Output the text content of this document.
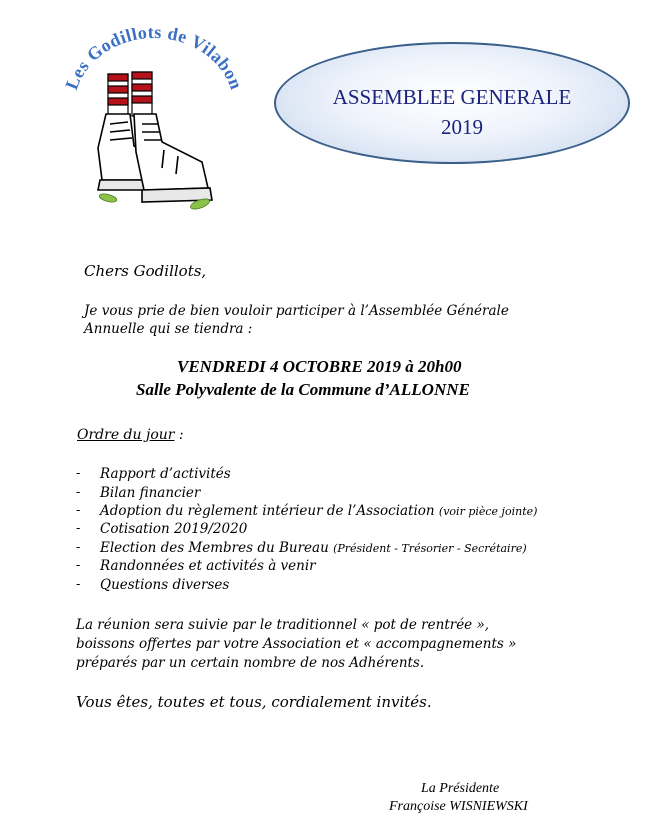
Les Godillots de Vilabo
ASSEMBLEE GENERALE
2019
Chers Godillots,
Je vous prie de bien vouloir participer à l’Assemblée Générale
Annuelle qui se tiendra :
VENDREDI 4 OCTOBRE 2019 à 20h00
Salle Polyvalente de la Commune d’ALLONNE
Ordre du jour :
- Rapport d’activités
- Bilan financier
- Adoption du règlement intérieur de l’Association (voir pièce jointe)
- Cotisation 2019/2020
- Election des Membres du Bureau (Président - Trésorier - Secrétaire)
- Randonnées et activités à venir
- Questions diverses
La réunion sera suivie par le traditionnel « pot de rentrée »,
boissons offertes par votre Association et « accompagnements »
préparés par un certain nombre de nos Adhérents.
Vous êtes, toutes et tous, cordialement invités.
La Présidente
Françoise WISNIEWSKI
